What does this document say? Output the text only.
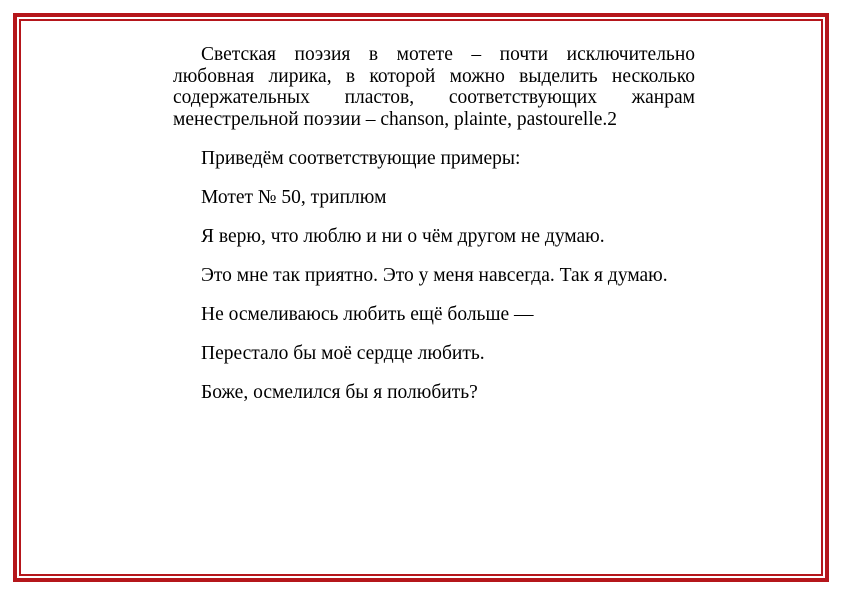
Светская поэзия в мотете – почти исключительно любовная лирика, в которой можно выделить несколько содержательных пластов, соответствующих жанрам менестрельной поэзии – chanson, plainte, pastourelle.2

Приведём соответствующие примеры:

Мотет № 50, триплюм

Я верю, что люблю и ни о чём другом не думаю.

Это мне так приятно. Это у меня навсегда. Так я думаю.

Не осмеливаюсь любить ещё больше —

Перестало бы моё сердце любить.

Боже, осмелился бы я полюбить?
